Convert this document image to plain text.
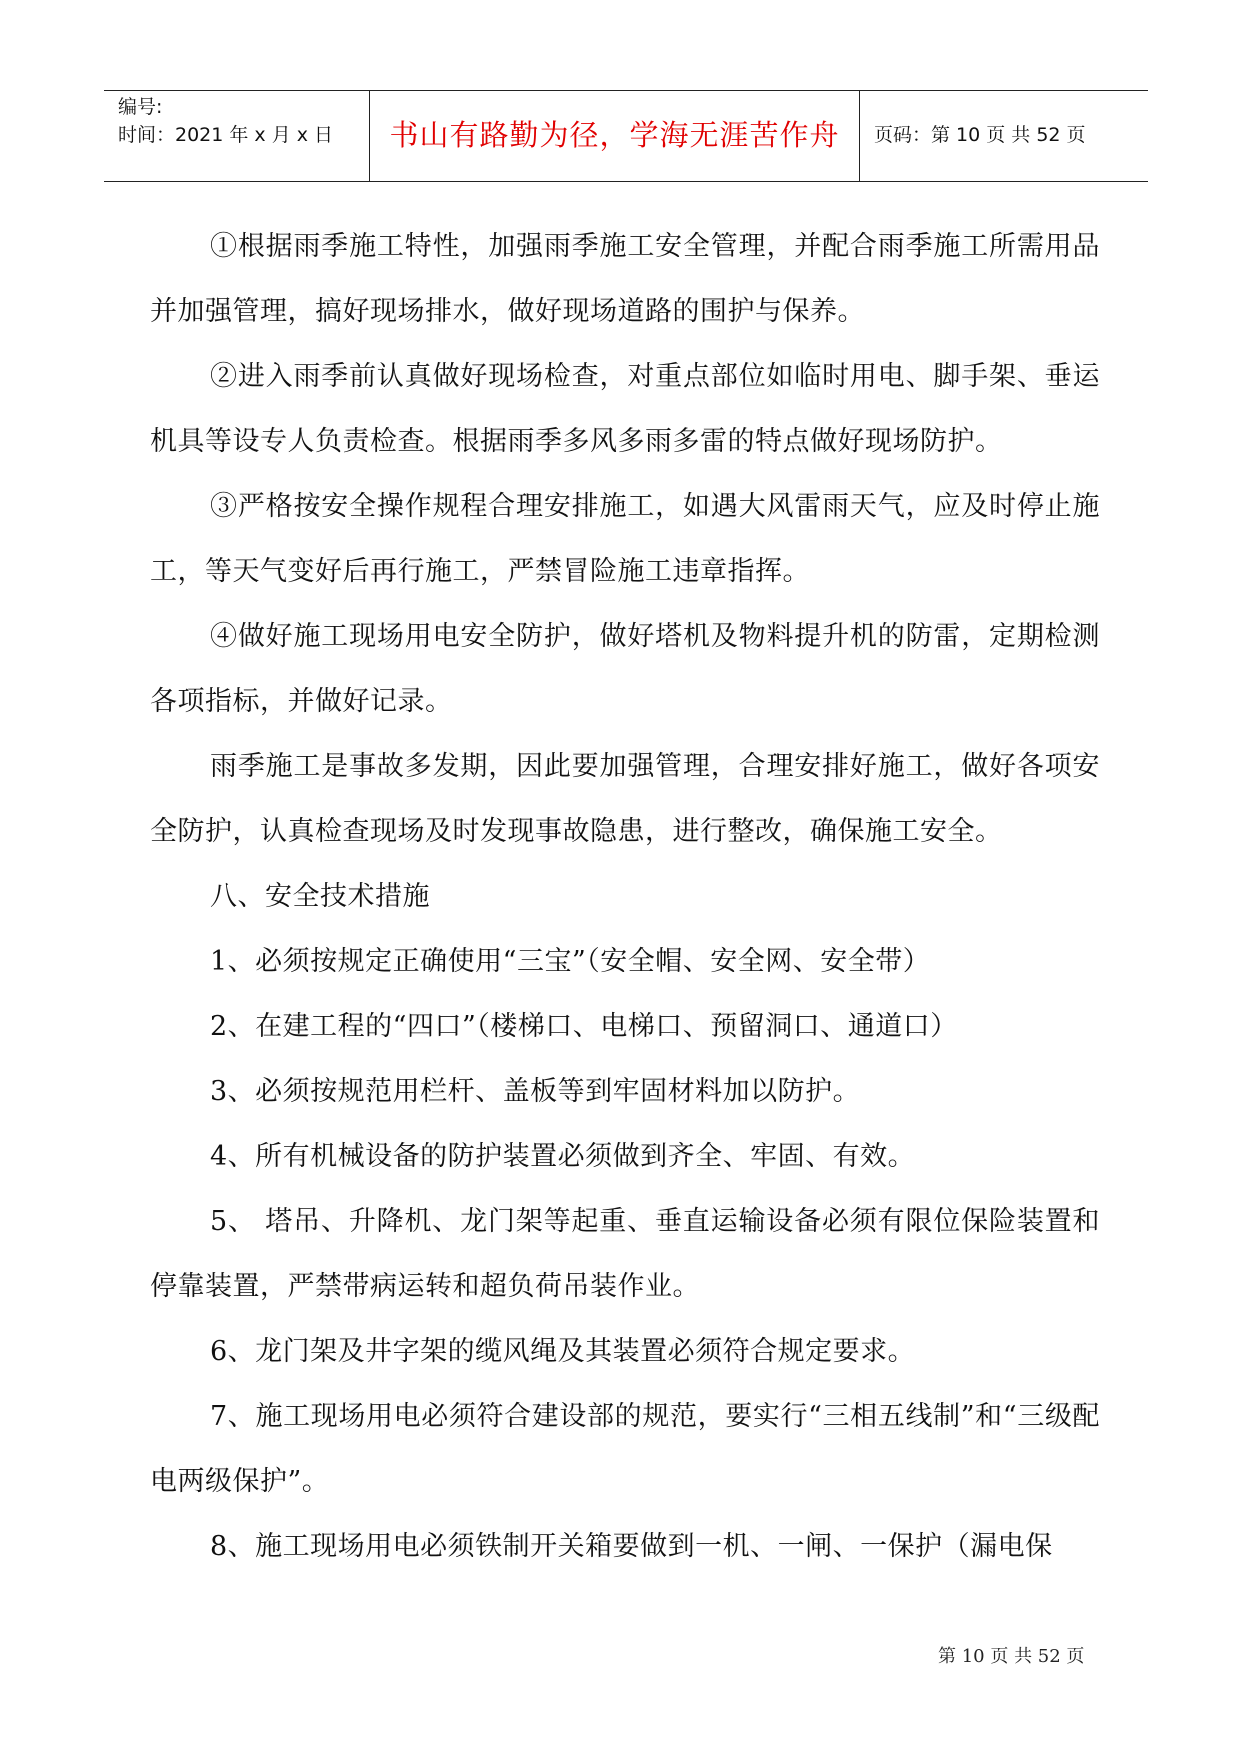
编号:
时间：2021 年 x 月 x 日	书山有路勤为径，学海无涯苦作舟	页码：第 10 页 共 52 页

①根据雨季施工特性，加强雨季施工安全管理，并配合雨季施工所需用品并加强管理，搞好现场排水，做好现场道路的围护与保养。

②进入雨季前认真做好现场检查，对重点部位如临时用电、脚手架、垂运机具等设专人负责检查。根据雨季多风多雨多雷的特点做好现场防护。

③严格按安全操作规程合理安排施工，如遇大风雷雨天气，应及时停止施工，等天气变好后再行施工，严禁冒险施工违章指挥。

④做好施工现场用电安全防护，做好塔机及物料提升机的防雷，定期检测各项指标，并做好记录。

雨季施工是事故多发期，因此要加强管理，合理安排好施工，做好各项安全防护，认真检查现场及时发现事故隐患，进行整改，确保施工安全。

八、安全技术措施

1、必须按规定正确使用“三宝”（安全帽、安全网、安全带）

2、在建工程的“四口”（楼梯口、电梯口、预留洞口、通道口）

3、必须按规范用栏杆、盖板等到牢固材料加以防护。

4、所有机械设备的防护装置必须做到齐全、牢固、有效。

5、 塔吊、升降机、龙门架等起重、垂直运输设备必须有限位保险装置和停靠装置，严禁带病运转和超负荷吊装作业。

6、龙门架及井字架的缆风绳及其装置必须符合规定要求。

7、施工现场用电必须符合建设部的规范，要实行“三相五线制”和“三级配电两级保护”。

8、施工现场用电必须铁制开关箱要做到一机、一闸、一保护（漏电保

第 10 页 共 52 页
